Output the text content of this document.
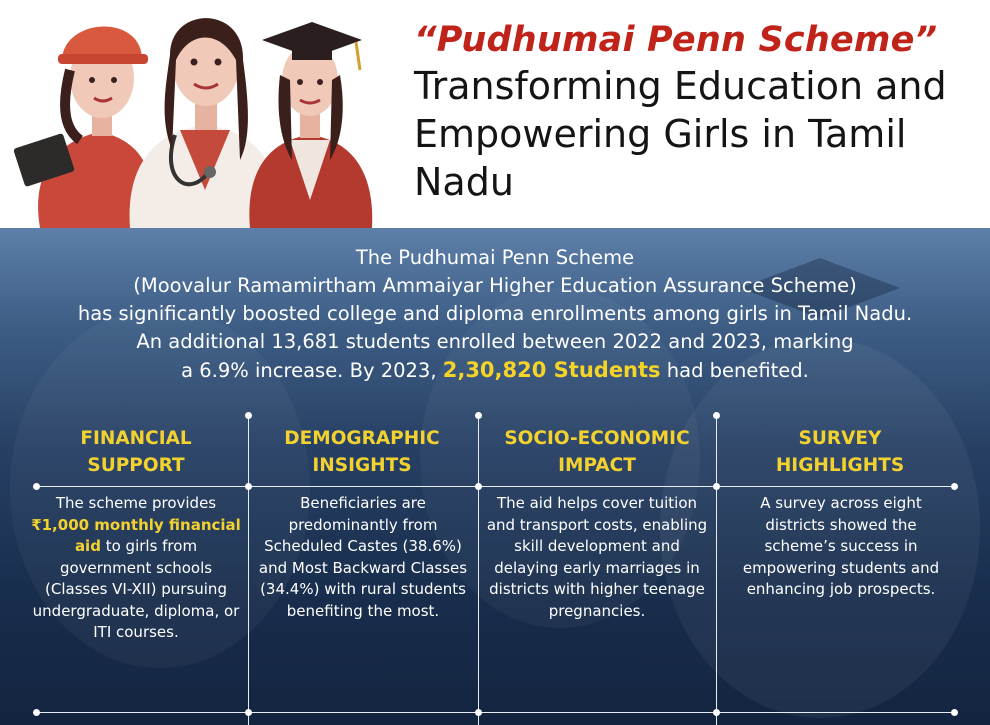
“Pudhumai Penn Scheme”
Transforming Education and Empowering Girls in Tamil Nadu
The Pudhumai Penn Scheme
(Moovalur Ramamirtham Ammaiyar Higher Education Assurance Scheme)
has significantly boosted college and diploma enrollments among girls in Tamil Nadu.
An additional 13,681 students enrolled between 2022 and 2023, marking
a 6.9% increase. By 2023, 2,30,820 Students had benefited.
FINANCIAL SUPPORT
The scheme provides ₹1,000 monthly financial aid to girls from government schools (Classes VI-XII) pursuing undergraduate, diploma, or ITI courses.
DEMOGRAPHIC INSIGHTS
Beneficiaries are predominantly from Scheduled Castes (38.6%) and Most Backward Classes (34.4%) with rural students benefiting the most.
SOCIO-ECONOMIC IMPACT
The aid helps cover tuition and transport costs, enabling skill development and delaying early marriages in districts with higher teenage pregnancies.
SURVEY HIGHLIGHTS
A survey across eight districts showed the scheme’s success in empowering students and enhancing job prospects.
